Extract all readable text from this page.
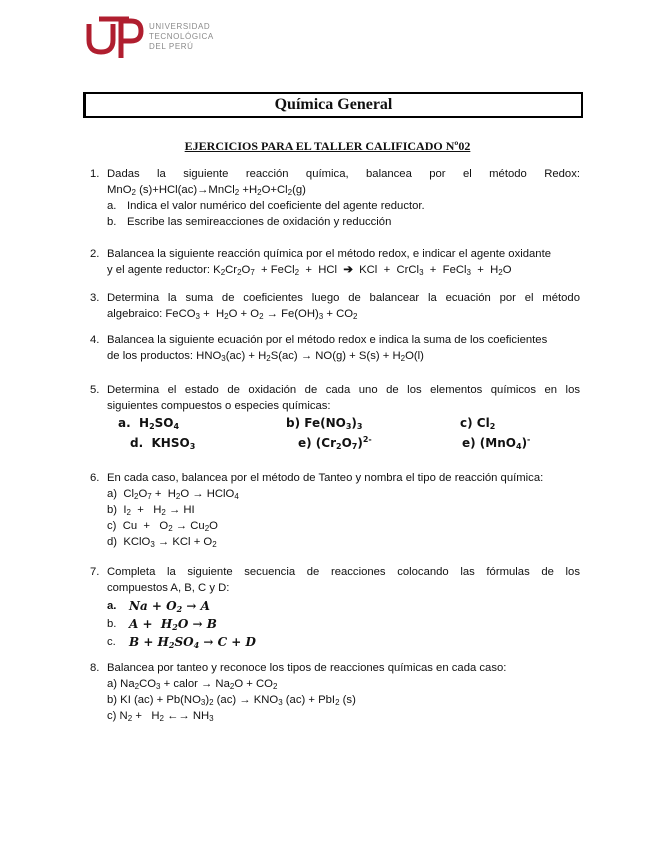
UNIVERSIDAD
TECNOLÓGICA
DEL PERÚ
Química General
EJERCICIOS PARA EL TALLER CALIFICADO Nº02
1. Dadas la siguiente reacción química, balancea por el método Redox:
MnO$_2$ (s)+HCl(ac)→MnCl$_2$ $+H_2O+Cl_2(g)$
a. Indica el valor numérico del coeficiente del agente reductor.
b. Escribe las semireacciones de oxidación y reducción
2. Balancea la siguiente reacción química por el método redox, e indicar el agente oxidante
y el agente reductor: $K_2Cr_2O_7$  + FeCl$_2$  +  HCl  ➔  KCl  +  CrCl$_3$  +  FeCl$_3$  +  $H_2O$
3. Determina la suma de coeficientes luego de balancear la ecuación por el método
algebraico: FeCO$_3$ +  $H_2O + O_2 \to Fe(OH)_3 + CO_2$
4. Balancea la siguiente ecuación por el método redox e indica la suma de los coeficientes
de los productos: $HNO_3(ac) + H_2S(ac) \to NO(g) + S(s) + H_2O(l)$
5. Determina el estado de oxidación de cada uno de los elementos químicos en los
siguientes compuestos o especies químicas:
a.  $H_2SO_4$	b) $Fe(NO_3)_3$	c) $Cl_2$
d.  $KHSO_3$	e) $(Cr_2O_7)^{2-}$	e) (MnO$_4$)-
6. En cada caso, balancea por el método de Tanteo y nombra el tipo de reacción química:
a)  $Cl_2O_7 + H_2O$ → HClO$_4$
b)  $I_2 + H_2$ → HI
c)  $Cu + O_2 \to Cu_2O$
d)  KClO$_3$ → KCl + $O_2$
7. Completa la siguiente secuencia de reacciones colocando las fórmulas de los
compuestos A, B, C y D:
a. $Na + O_2 \to A$
b. $A + H_2O \to B$
c. $B + H_2SO_4 \to C + D$
8. Balancea por tanteo y reconoce los tipos de reacciones químicas en cada caso:
a) $Na_2CO_3$ + calor → $Na_2O + CO_2$
b) KI $(ac) + Pb(NO_3)_2$ $(ac) \to KNO_3$ (ac) + PbI$_2$ (s)
c) $N_2 + H_2$ ←→ $NH_3$
